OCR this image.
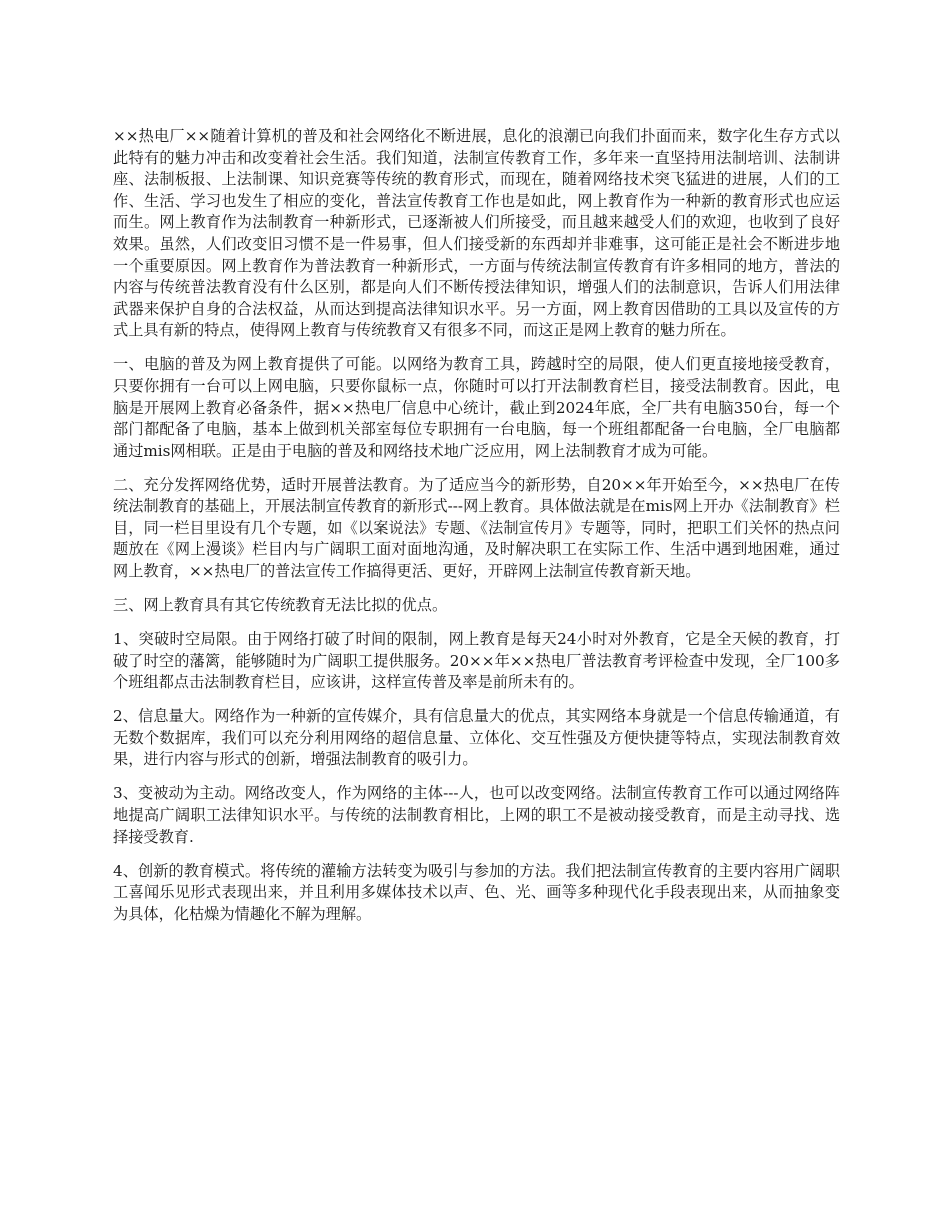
××热电厂××随着计算机的普及和社会网络化不断进展，息化的浪潮已向我们扑面而来，数字化生存方式以此特有的魅力冲击和改变着社会生活。我们知道，法制宣传教育工作，多年来一直坚持用法制培训、法制讲座、法制板报、上法制课、知识竞赛等传统的教育形式，而现在，随着网络技术突飞猛进的进展，人们的工作、生活、学习也发生了相应的变化，普法宣传教育工作也是如此，网上教育作为一种新的教育形式也应运而生。网上教育作为法制教育一种新形式，已逐渐被人们所接受，而且越来越受人们的欢迎，也收到了良好效果。虽然，人们改变旧习惯不是一件易事，但人们接受新的东西却并非难事，这可能正是社会不断进步地一个重要原因。网上教育作为普法教育一种新形式，一方面与传统法制宣传教育有许多相同的地方，普法的内容与传统普法教育没有什么区别，都是向人们不断传授法律知识，增强人们的法制意识，告诉人们用法律武器来保护自身的合法权益，从而达到提高法律知识水平。另一方面，网上教育因借助的工具以及宣传的方式上具有新的特点，使得网上教育与传统教育又有很多不同，而这正是网上教育的魅力所在。

一、电脑的普及为网上教育提供了可能。以网络为教育工具，跨越时空的局限，使人们更直接地接受教育，只要你拥有一台可以上网电脑，只要你鼠标一点，你随时可以打开法制教育栏目，接受法制教育。因此，电脑是开展网上教育必备条件，据××热电厂信息中心统计，截止到2024年底，全厂共有电脑350台，每一个部门都配备了电脑，基本上做到机关部室每位专职拥有一台电脑，每一个班组都配备一台电脑，全厂电脑都通过mis网相联。正是由于电脑的普及和网络技术地广泛应用，网上法制教育才成为可能。

二、充分发挥网络优势，适时开展普法教育。为了适应当今的新形势，自20××年开始至今，××热电厂在传统法制教育的基础上，开展法制宣传教育的新形式---网上教育。具体做法就是在mis网上开办《法制教育》栏目，同一栏目里设有几个专题，如《以案说法》专题、《法制宣传月》专题等，同时，把职工们关怀的热点问题放在《网上漫谈》栏目内与广阔职工面对面地沟通，及时解决职工在实际工作、生活中遇到地困难，通过网上教育，××热电厂的普法宣传工作搞得更活、更好，开辟网上法制宣传教育新天地。

三、网上教育具有其它传统教育无法比拟的优点。

1、突破时空局限。由于网络打破了时间的限制，网上教育是每天24小时对外教育，它是全天候的教育，打破了时空的藩篱，能够随时为广阔职工提供服务。20××年××热电厂普法教育考评检查中发现，全厂100多个班组都点击法制教育栏目，应该讲，这样宣传普及率是前所未有的。

2、信息量大。网络作为一种新的宣传媒介，具有信息量大的优点，其实网络本身就是一个信息传输通道，有无数个数据库，我们可以充分利用网络的超信息量、立体化、交互性强及方便快捷等特点，实现法制教育效果，进行内容与形式的创新，增强法制教育的吸引力。

3、变被动为主动。网络改变人，作为网络的主体---人，也可以改变网络。法制宣传教育工作可以通过网络阵地提高广阔职工法律知识水平。与传统的法制教育相比，上网的职工不是被动接受教育，而是主动寻找、选择接受教育.

4、创新的教育模式。将传统的灌输方法转变为吸引与参加的方法。我们把法制宣传教育的主要内容用广阔职工喜闻乐见形式表现出来，并且利用多媒体技术以声、色、光、画等多种现代化手段表现出来，从而抽象变为具体，化枯燥为情趣化不解为理解。
